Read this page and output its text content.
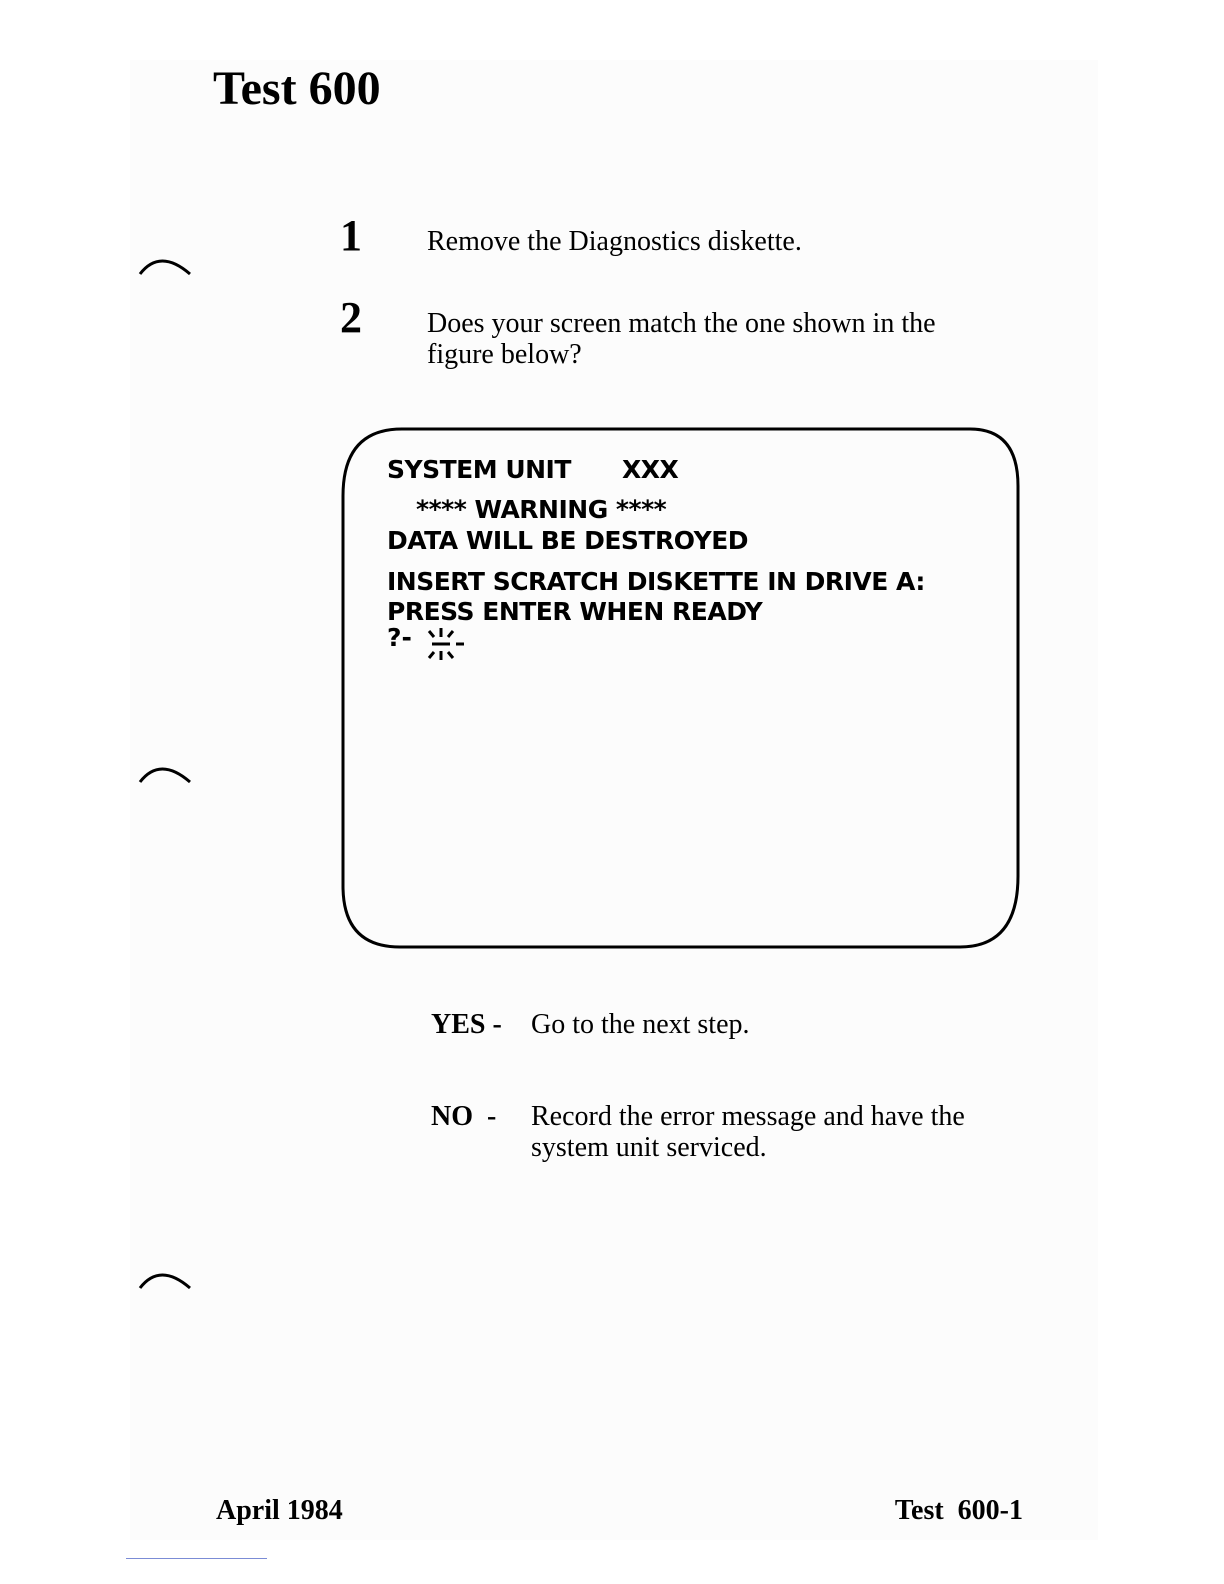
Test 600
1 Remove the Diagnostics diskette.
2 Does your screen match the one shown in the
figure below?
SYSTEM UNIT XXX
**** WARNING ****
DATA WILL BE DESTROYED
INSERT SCRATCH DISKETTE IN DRIVE A:
PRESS ENTER WHEN READY
?-
YES - Go to the next step.
NO  - Record the error message and have the
system unit serviced.
April 1984	Test  600-1
